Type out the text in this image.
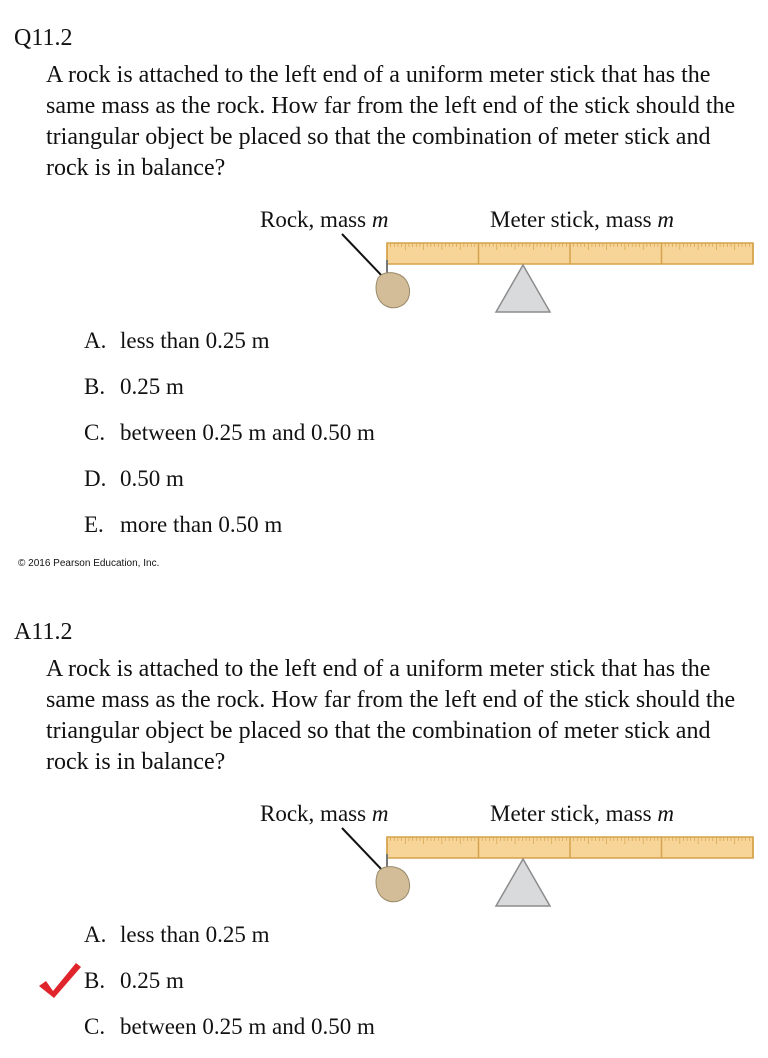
Q11.2

A rock is attached to the left end of a uniform meter stick that has the same mass as the rock. How far from the left end of the stick should the triangular object be placed so that the combination of meter stick and rock is in balance?

Rock, mass m	Meter stick, mass m
A. less than 0.25 m
B. 0.25 m
C. between 0.25 m and 0.50 m
D. 0.50 m
E. more than 0.50 m
© 2016 Pearson Education, Inc.
A11.2

A rock is attached to the left end of a uniform meter stick that has the same mass as the rock. How far from the left end of the stick should the triangular object be placed so that the combination of meter stick and rock is in balance?

Rock, mass m	Meter stick, mass m
A. less than 0.25 m
B. 0.25 m
C. between 0.25 m and 0.50 m
